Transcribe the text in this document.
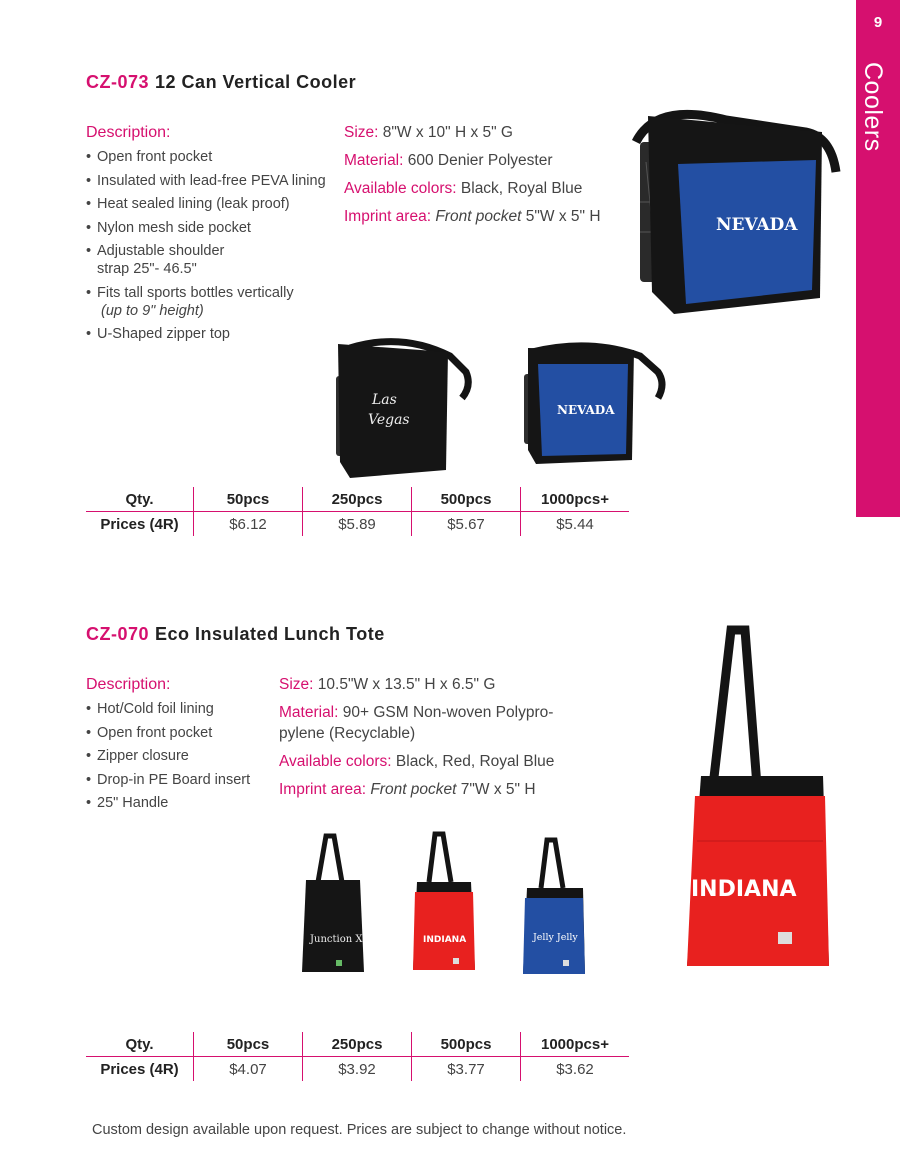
9
Coolers
CZ-073 12 Can Vertical Cooler
Description:
• Open front pocket
• Insulated with lead-free PEVA lining
• Heat sealed lining (leak proof)
• Nylon mesh side pocket
• Adjustable shoulder
strap 25"- 46.5"
• Fits tall sports bottles vertically
(up to 9" height)
• U-Shaped zipper top
Size: 8"W x 10" H x 5" G
Material: 600 Denier Polyester
Available colors: Black, Royal Blue
Imprint area: Front pocket 5"W x 5" H	NEVADA
Las
Vegas
NEVADA
Qty.	50pcs	250pcs	500pcs	1000pcs+
Prices (4R)	$6.12	$5.89	$5.67	$5.44
CZ-070 Eco Insulated Lunch Tote
Description:
• Hot/Cold foil lining
• Open front pocket
• Zipper closure
• Drop-in PE Board insert
• 25" Handle
Size: 10.5"W x 13.5" H x 6.5" G
Material: 90+ GSM Non-woven Polypro-
pylene (Recyclable)
Available colors: Black, Red, Royal Blue
Imprint area: Front pocket 7"W x 5" H
INDIANA
Junction X	INDIANA	Jelly Jelly
Qty.	50pcs	250pcs	500pcs	1000pcs+
Prices (4R)	$4.07	$3.92	$3.77	$3.62
Custom design available upon request. Prices are subject to change without notice.
